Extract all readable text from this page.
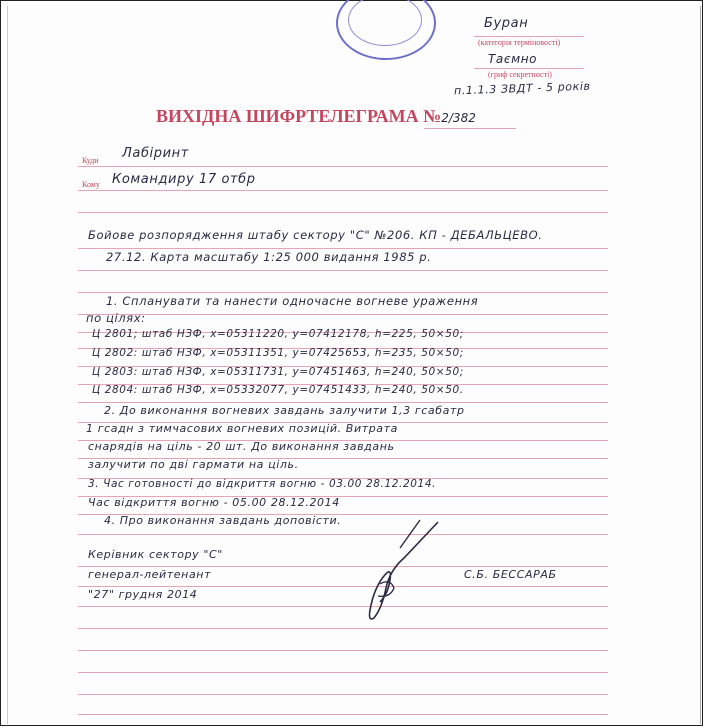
Буран
(категорія терміновості)
Таємно
(гриф секретності)
п.1.1.3 ЗВДТ - 5 років
ВИХІДНА ШИФРТЕЛЕГРАМА №2/382
Куди Лабіринт
Кому Командиру 17 отбр
Бойове розпорядження штабу сектору "С" №206. КП - ДЕБАЛЬЦЕВО.
27.12. Карта масштабу 1:25 000 видання 1985 р.
1. Спланувати та нанести одночасне вогневе ураження
по цілях:
Ц 2801; штаб НЗФ, х=05311220, у=07412178, h=225, 50×50;
Ц 2802: штаб НЗФ, х=05311351, у=07425653, h=235, 50×50;
Ц 2803: штаб НЗФ, х=05311731, у=07451463, h=240, 50×50;
Ц 2804: штаб НЗФ, х=05332077, у=07451433, h=240, 50×50.
2. До виконання вогневих завдань залучити 1,3 гсабатр
1 гсадн з тимчасових вогневих позицій. Витрата
снарядів на ціль - 20 шт. До виконання завдань
залучити по дві гармати на ціль.
3. Час готовності до відкриття вогню - 03.00 28.12.2014.
Час відкриття вогню - 05.00 28.12.2014
4. Про виконання завдань доповісти.
Керівник сектору "С"
генерал-лейтенант	С.Б. БЕССАРАБ
"27" грудня 2014
